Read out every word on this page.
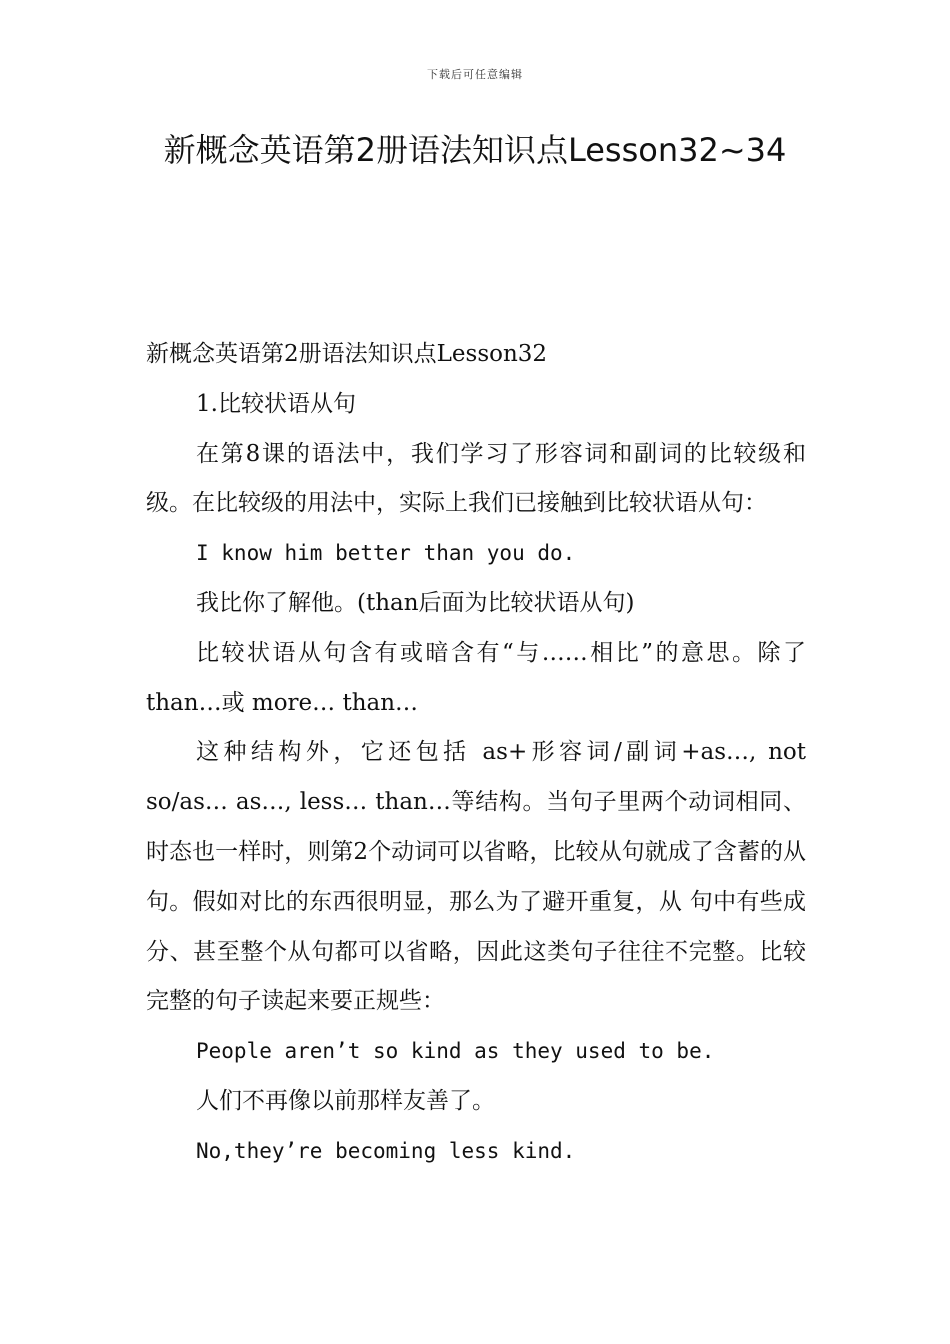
下载后可任意编辑
新概念英语第2册语法知识点Lesson32~34

新概念英语第2册语法知识点Lesson32

1.比较状语从句

在第8课的语法中，我们学习了形容词和副词的比较级和级。在比较级的用法中，实际上我们已接触到比较状语从句：

I know him better than you do.

我比你了解他。(than后面为比较状语从句)

比较状语从句含有或暗含有“与……相比”的意思。除了than…或 more… than…

这种结构外，它还包括 as+形容词/副词+as…, not so/as… as…, less… than…等结构。当句子里两个动词相同、时态也一样时，则第2个动词可以省略，比较从句就成了含蓄的从句。假如对比的东西很明显，那么为了避开重复，从 句中有些成分、甚至整个从句都可以省略，因此这类句子往往不完整。比较完整的句子读起来要正规些：

People aren’t so kind as they used to be.

人们不再像以前那样友善了。

No,they’re becoming less kind.
